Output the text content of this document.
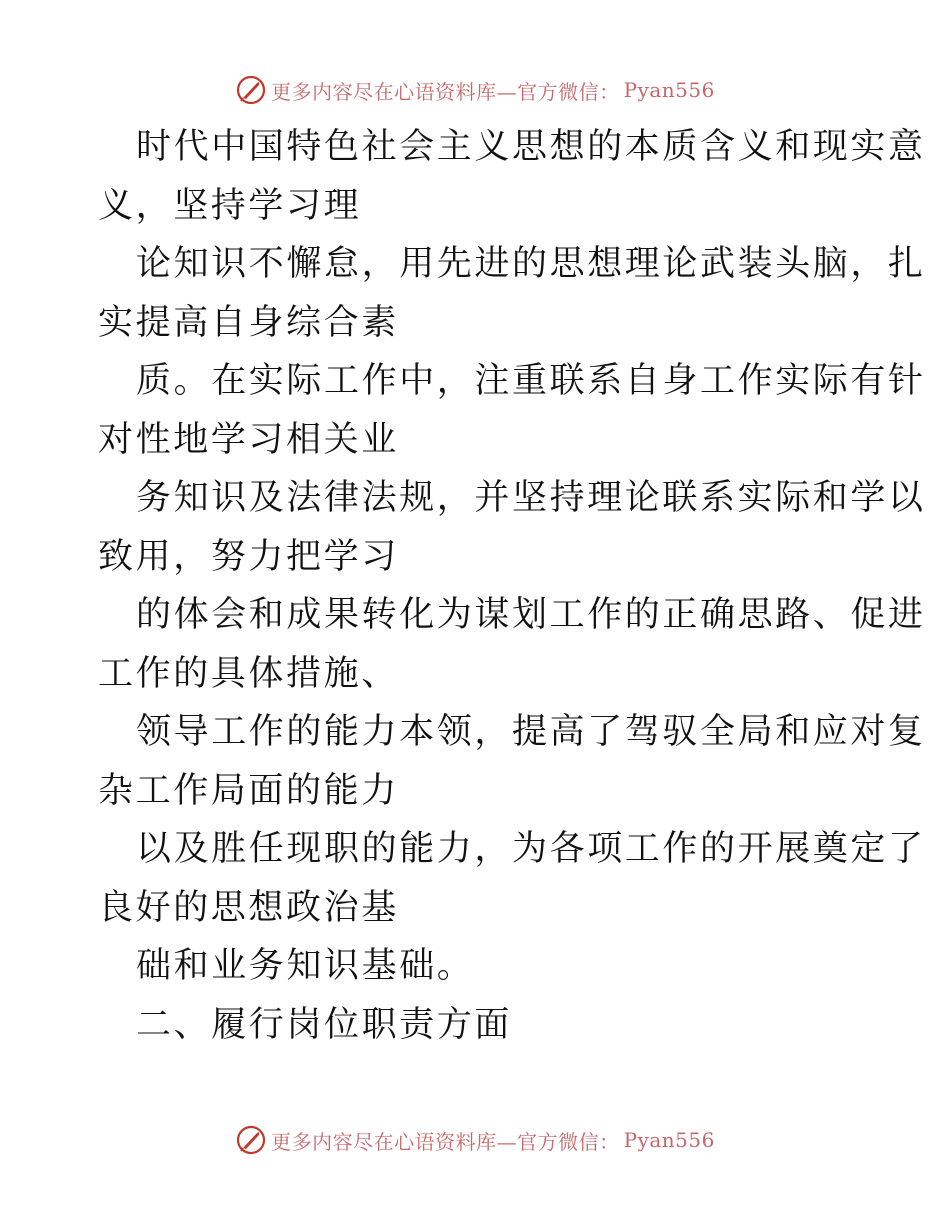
更多内容尽在心语资料库—官方微信： Pyan556
时代中国特色社会主义思想的本质含义和现实意
义，坚持学习理
论知识不懈怠，用先进的思想理论武装头脑，扎
实提高自身综合素
质。在实际工作中，注重联系自身工作实际有针
对性地学习相关业
务知识及法律法规，并坚持理论联系实际和学以
致用，努力把学习
的体会和成果转化为谋划工作的正确思路、促进
工作的具体措施、
领导工作的能力本领，提高了驾驭全局和应对复
杂工作局面的能力
以及胜任现职的能力，为各项工作的开展奠定了
良好的思想政治基
础和业务知识基础。
二、履行岗位职责方面
更多内容尽在心语资料库—官方微信： Pyan556
